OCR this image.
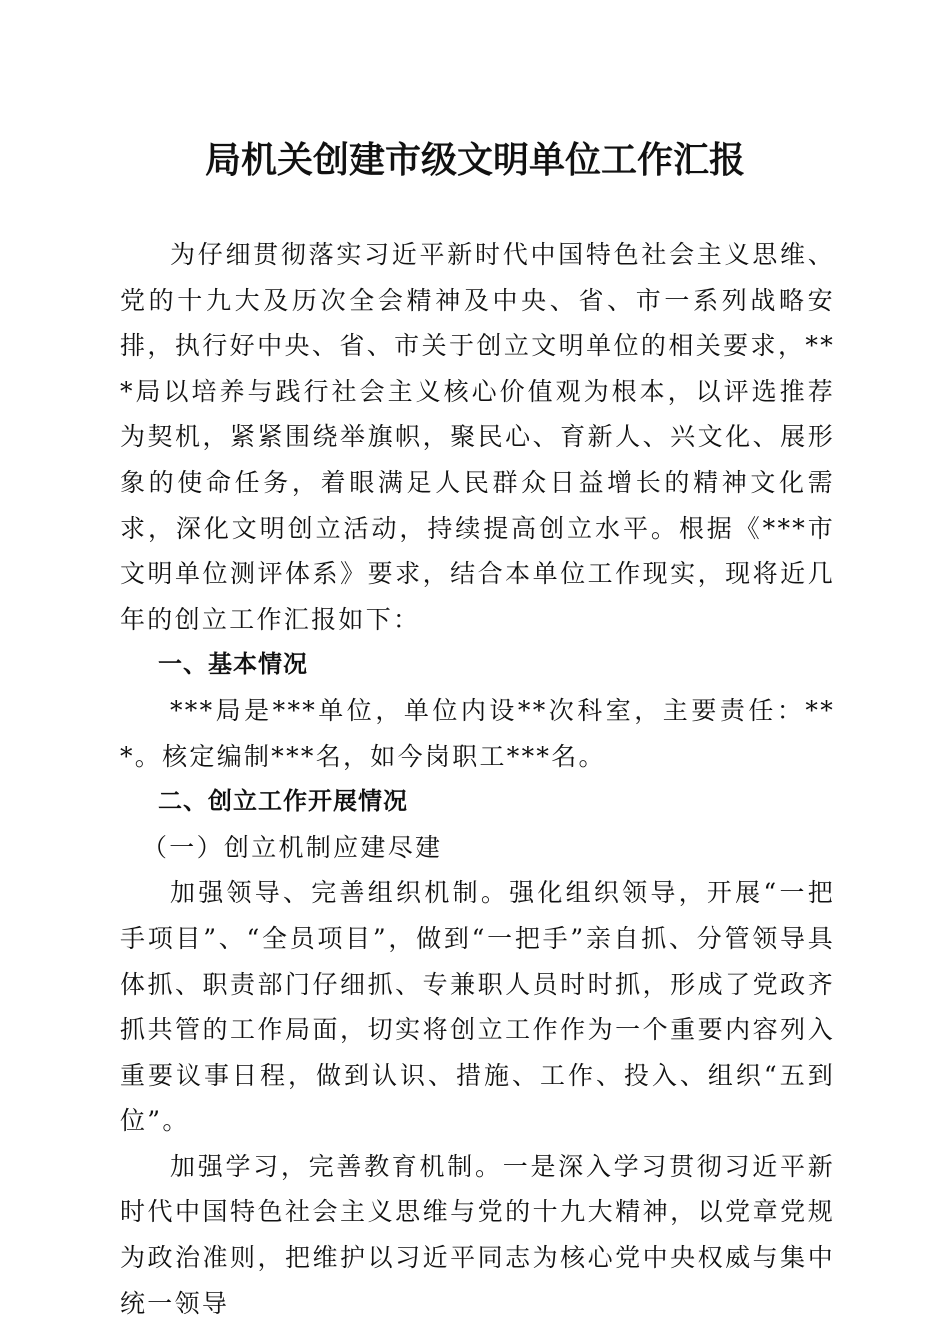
局机关创建市级文明单位工作汇报

为仔细贯彻落实习近平新时代中国特色社会主义思维、党的十九大及历次全会精神及中央、省、市一系列战略安排，执行好中央、省、市关于创立文明单位的相关要求，***局以培养与践行社会主义核心价值观为根本，以评选推荐为契机，紧紧围绕举旗帜，聚民心、育新人、兴文化、展形象的使命任务，着眼满足人民群众日益增长的精神文化需求，深化文明创立活动，持续提高创立水平。根据《***市文明单位测评体系》要求，结合本单位工作现实，现将近几年的创立工作汇报如下：

一、基本情况

***局是***单位，单位内设**次科室，主要责任：***。核定编制***名，如今岗职工***名。

二、创立工作开展情况

（一）创立机制应建尽建

加强领导、完善组织机制。强化组织领导，开展“一把手项目”、“全员项目”，做到“一把手”亲自抓、分管领导具体抓、职责部门仔细抓、专兼职人员时时抓，形成了党政齐抓共管的工作局面，切实将创立工作作为一个重要内容列入重要议事日程，做到认识、措施、工作、投入、组织“五到位”。

加强学习，完善教育机制。一是深入学习贯彻习近平新时代中国特色社会主义思维与党的十九大精神，以党章党规为政治准则，把维护以习近平同志为核心党中央权威与集中统一领导
